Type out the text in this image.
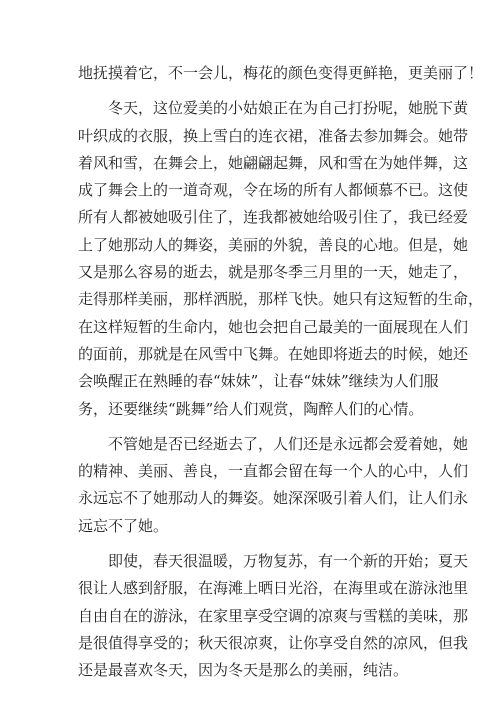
地抚摸着它，不一会儿，梅花的颜色变得更鲜艳，更美丽了！
　　冬天，这位爱美的小姑娘正在为自己打扮呢，她脱下黄
叶织成的衣服，换上雪白的连衣裙，准备去参加舞会。她带
着风和雪，在舞会上，她翩翩起舞，风和雪在为她伴舞，这
成了舞会上的一道奇观，令在场的所有人都倾慕不已。这使
所有人都被她吸引住了，连我都被她给吸引住了，我已经爱
上了她那动人的舞姿，美丽的外貌，善良的心地。但是，她
又是那么容易的逝去，就是那冬季三月里的一天，她走了，
走得那样美丽，那样洒脱，那样飞快。她只有这短暂的生命，
在这样短暂的生命内，她也会把自己最美的一面展现在人们
的面前，那就是在风雪中飞舞。在她即将逝去的时候，她还
会唤醒正在熟睡的春“妹妹”，让春“妹妹”继续为人们服
务，还要继续“跳舞”给人们观赏，陶醉人们的心情。
　　不管她是否已经逝去了，人们还是永远都会爱着她，她
的精神、美丽、善良，一直都会留在每一个人的心中，人们
永远忘不了她那动人的舞姿。她深深吸引着人们，让人们永
远忘不了她。
　　即使，春天很温暖，万物复苏，有一个新的开始；夏天
很让人感到舒服，在海滩上晒日光浴，在海里或在游泳池里
自由自在的游泳，在家里享受空调的凉爽与雪糕的美味，那
是很值得享受的；秋天很凉爽，让你享受自然的凉风，但我
还是最喜欢冬天，因为冬天是那么的美丽，纯洁。
